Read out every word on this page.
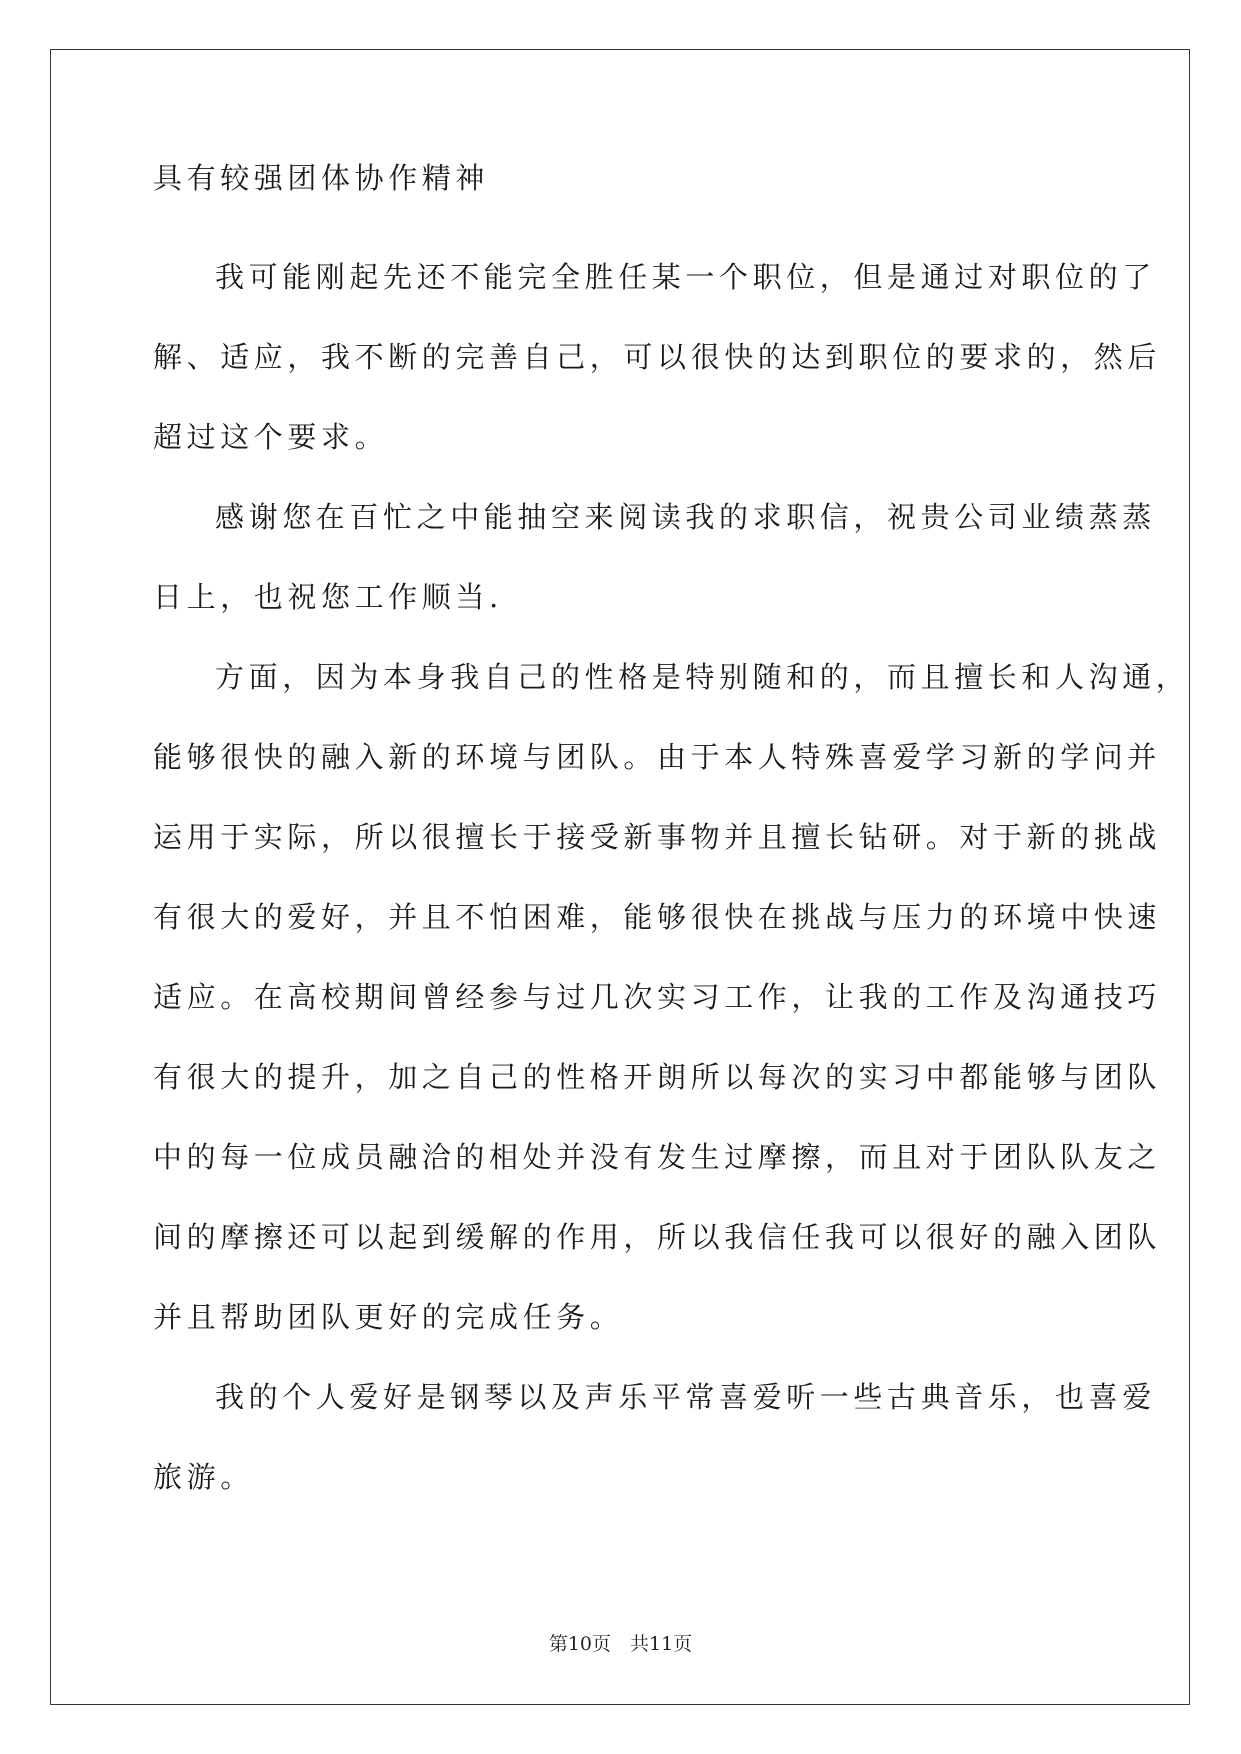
具有较强团体协作精神

我可能刚起先还不能完全胜任某一个职位，但是通过对职位的了

解、适应，我不断的完善自己，可以很快的达到职位的要求的，然后

超过这个要求。

感谢您在百忙之中能抽空来阅读我的求职信，祝贵公司业绩蒸蒸

日上，也祝您工作顺当.

方面，因为本身我自己的性格是特别随和的，而且擅长和人沟通，

能够很快的融入新的环境与团队。由于本人特殊喜爱学习新的学问并

运用于实际，所以很擅长于接受新事物并且擅长钻研。对于新的挑战

有很大的爱好，并且不怕困难，能够很快在挑战与压力的环境中快速

适应。在高校期间曾经参与过几次实习工作，让我的工作及沟通技巧

有很大的提升，加之自己的性格开朗所以每次的实习中都能够与团队

中的每一位成员融洽的相处并没有发生过摩擦，而且对于团队队友之

间的摩擦还可以起到缓解的作用，所以我信任我可以很好的融入团队

并且帮助团队更好的完成任务。

我的个人爱好是钢琴以及声乐平常喜爱听一些古典音乐，也喜爱

旅游。

第10页　共11页
